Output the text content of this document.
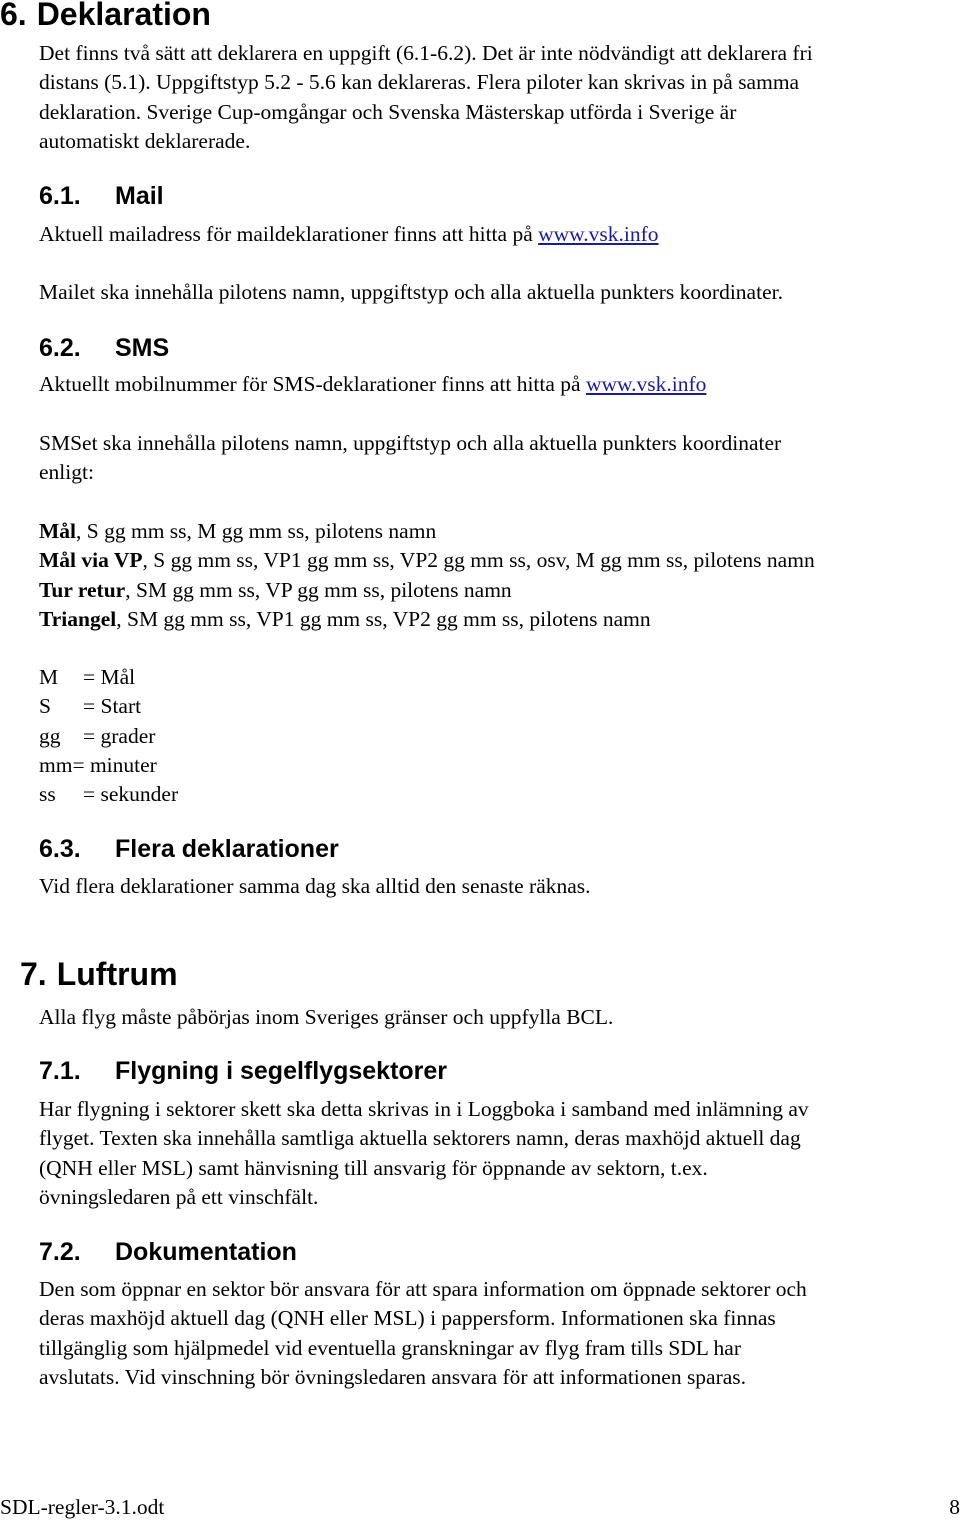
6. Deklaration
Det finns två sätt att deklarera en uppgift (6.1-6.2). Det är inte nödvändigt att deklarera fri
distans (5.1). Uppgiftstyp 5.2 - 5.6 kan deklareras. Flera piloter kan skrivas in på samma
deklaration. Sverige Cup-omgångar och Svenska Mästerskap utförda i Sverige är
automatiskt deklarerade.
6.1. Mail
Aktuell mailadress för maildeklarationer finns att hitta på www.vsk.info
Mailet ska innehålla pilotens namn, uppgiftstyp och alla aktuella punkters koordinater.
6.2. SMS
Aktuellt mobilnummer för SMS-deklarationer finns att hitta på www.vsk.info
SMSet ska innehålla pilotens namn, uppgiftstyp och alla aktuella punkters koordinater
enligt:
Mål, S gg mm ss, M gg mm ss, pilotens namn
Mål via VP, S gg mm ss, VP1 gg mm ss, VP2 gg mm ss, osv, M gg mm ss, pilotens namn
Tur retur, SM gg mm ss, VP gg mm ss, pilotens namn
Triangel, SM gg mm ss, VP1 gg mm ss, VP2 gg mm ss, pilotens namn
M = Mål
S = Start
gg = grader
mm= minuter
ss = sekunder
6.3. Flera deklarationer
Vid flera deklarationer samma dag ska alltid den senaste räknas.
7. Luftrum
Alla flyg måste påbörjas inom Sveriges gränser och uppfylla BCL.
7.1. Flygning i segelflygsektorer
Har flygning i sektorer skett ska detta skrivas in i Loggboka i samband med inlämning av
flyget. Texten ska innehålla samtliga aktuella sektorers namn, deras maxhöjd aktuell dag
(QNH eller MSL) samt hänvisning till ansvarig för öppnande av sektorn, t.ex.
övningsledaren på ett vinschfält.
7.2. Dokumentation
Den som öppnar en sektor bör ansvara för att spara information om öppnade sektorer och
deras maxhöjd aktuell dag (QNH eller MSL) i pappersform. Informationen ska finnas
tillgänglig som hjälpmedel vid eventuella granskningar av flyg fram tills SDL har
avslutats. Vid vinschning bör övningsledaren ansvara för att informationen sparas.
SDL-regler-3.1.odt	8
